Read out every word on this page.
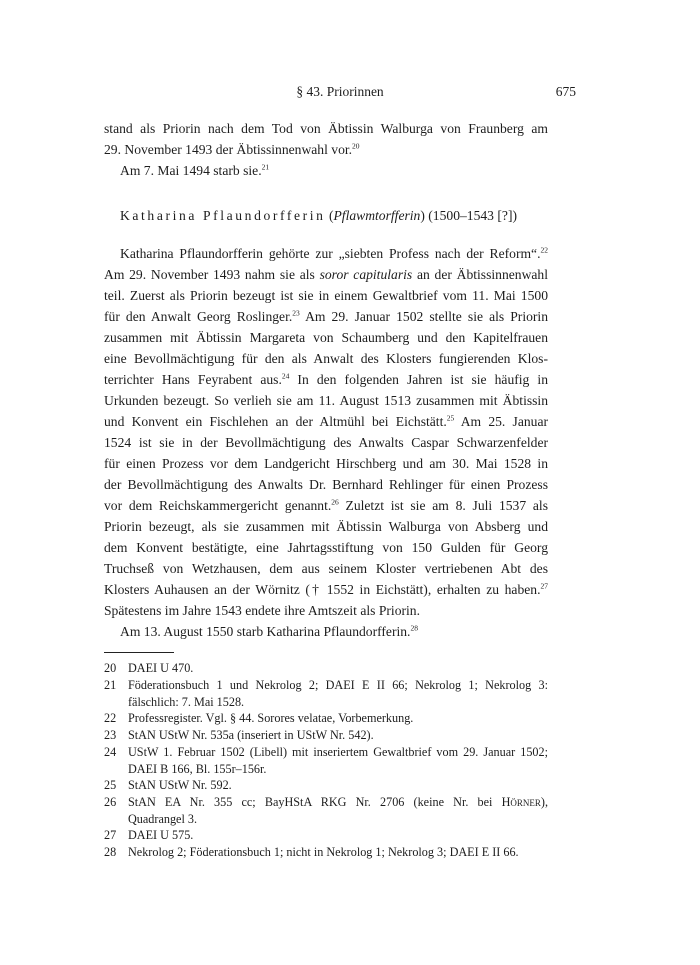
§ 43. Priorinnen	675
stand als Priorin nach dem Tod von Äbtissin Walburga von Fraunberg am
29. November 1493 der Äbtissinnenwahl vor.$^{20}$
Am 7. Mai 1494 starb sie.$^{21}$
Katharina Pflaundorfferin (Pflawmtorfferin) (1500–1543 [?])
Katharina Pflaundorfferin gehörte zur „siebten Profess nach der Reform“.$^{22}$
Am 29. November 1493 nahm sie als soror capitularis an der Äbtissinnenwahl
teil. Zuerst als Priorin bezeugt ist sie in einem Gewaltbrief vom 11. Mai 1500
für den Anwalt Georg Roslinger.$^{23}$ Am 29. Januar 1502 stellte sie als Priorin
zusammen mit Äbtissin Margareta von Schaumberg und den Kapitelfrauen
eine Bevollmächtigung für den als Anwalt des Klosters fungierenden Klos-
terrichter Hans Feyrabent aus.$^{24}$ In den folgenden Jahren ist sie häufig in
Urkunden bezeugt. So verlieh sie am 11. August 1513 zusammen mit Äbtissin
und Konvent ein Fischlehen an der Altmühl bei Eichstätt.$^{25}$ Am 25. Januar
1524 ist sie in der Bevollmächtigung des Anwalts Caspar Schwarzenfelder
für einen Prozess vor dem Landgericht Hirschberg und am 30. Mai 1528 in
der Bevollmächtigung des Anwalts Dr. Bernhard Rehlinger für einen Prozess
vor dem Reichskammergericht genannt.$^{26}$ Zuletzt ist sie am 8. Juli 1537 als
Priorin bezeugt, als sie zusammen mit Äbtissin Walburga von Absberg und
dem Konvent bestätigte, eine Jahrtagsstiftung von 150 Gulden für Georg
Truchseß von Wetzhausen, dem aus seinem Kloster vertriebenen Abt des
Klosters Auhausen an der Wörnitz († 1552 in Eichstätt), erhalten zu haben.$^{27}$
Spätestens im Jahre 1543 endete ihre Amtszeit als Priorin.
Am 13. August 1550 starb Katharina Pflaundorfferin.$^{28}$
20 DAEI U 470.
21 Föderationsbuch 1 und Nekrolog 2; DAEI E II 66; Nekrolog 1; Nekrolog 3:
fälschlich: 7. Mai 1528.
22 Professregister. Vgl. § 44. Sorores velatae, Vorbemerkung.
23 StAN UStW Nr. 535a (inseriert in UStW Nr. 542).
24 UStW 1. Februar 1502 (Libell) mit inseriertem Gewaltbrief vom 29. Januar 1502;
DAEI B 166, Bl. 155r–156r.
25 StAN UStW Nr. 592.
26 StAN EA Nr. 355 cc; BayHStA RKG Nr. 2706 (keine Nr. bei Hörner),
Quadrangel 3.
27 DAEI U 575.
28 Nekrolog 2; Föderationsbuch 1; nicht in Nekrolog 1; Nekrolog 3; DAEI E II 66.
